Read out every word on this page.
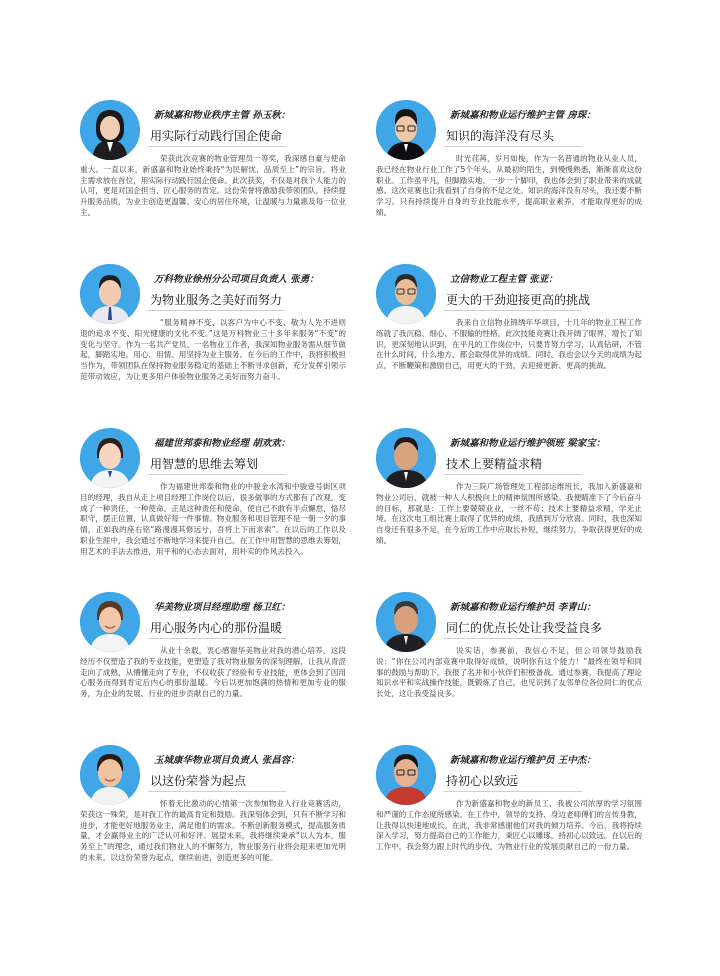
新城嘉和物业秩序主管 孙玉秋：
用实际行动践行国企使命
荣获此次竞赛的物业管理员一等奖，我深感自豪与使命重大。一直以来，新盛嘉和物业始终秉持“为民解忧，品质至上”的宗旨，将业主需求放在首位，用实际行动践行国企使命。此次获奖，不仅是对我个人能力的认可，更是对国企担当、匠心服务的肯定。这份荣誉将激励我带领团队，持续提升服务品质，为业主创造更温馨、安心的居住环境，让温暖与力量惠及每一位业主。
新城嘉和物业运行维护主管 房琛：
知识的海洋没有尽头
时光荏苒，岁月如梭，作为一名普通的物业从业人员，我已经在物业行业工作了5个年头。从最初的陌生，到慢慢熟悉，渐渐喜欢这份职业。工作虽平凡，但脚踏实地、一步一个脚印，我也体会到了职业带来的成就感。这次竞赛也让我看到了自身的不足之处。知识的海洋没有尽头，我还要不断学习。只有持续提升自身的专业技能水平，提高职业素养，才能取得更好的成绩。
万科物业徐州分公司项目负责人 张勇：
为物业服务之美好而努力
“服务精神不变、以客户为中心不变、敬为人先不进则退的追求不变、阳光健康的文化不变。”这是万科物业三十多年来服务“不变”的变化与坚守。作为一名共产党员、一名物业工作者，我深知物业服务需从细节做起，脚踏实地，用心、用情、用坚持为业主服务。在今后的工作中，我将积极担当作为，带领团队在保持物业服务稳定的基础上不断寻求创新，充分发挥引领示范带动效应，为让更多用户体验物业服务之美好而努力奋斗。
立信物业工程主管 张亚：
更大的干劲迎接更高的挑战
我来自立信物业锦绣年华项目，十几年的物业工程工作练就了我沉稳、细心、不服输的性格。此次技能竞赛让我开阔了眼界，增长了知识，更深刻地认识到，在平凡的工作岗位中，只要肯努力学习，认真钻研，不管在什么时间，什么地方，都会取得优异的成绩。同时，我也会以今天的成绩为起点，不断鞭策和激励自己，用更大的干劲，去迎接更新、更高的挑战。
福建世邦泰和物业经理 胡欢欢：
用智慧的思维去筹划
作为福建世邦泰和物业的中骏金水湾和中骏壹号街区项目的经理，我自从走上项目经理工作岗位以后，很多做事的方式都有了改观，变成了一种责任、一种使命。正是这种责任和使命，使自己不敢有半点懈怠，恪尽职守，摆正位置，认真做好每一件事情。物业服务和项目管理不是一朝一夕的事情，正如我的座右铭“路漫漫其修远兮，吾将上下而求索”。在以后的工作以及职业生涯中，我会通过不断地学习来提升自己。在工作中用智慧的思维去筹划，用艺术的手法去推进，用平和的心态去面对，用朴实的作风去投入。
新城嘉和物业运行维护领班 梁家宝：
技术上要精益求精
作为三院广场管理处工程部运维班长，我加入新盛嘉和物业公司后，就被一种人人积极向上的精神氛围所感染。我便瞄准下了今后奋斗的目标，那就是：工作上要兢兢业业，一丝不苟；技术上要精益求精，学无止境。在这次电工组比赛上取得了优异的成绩，我感到万分欣喜。同时，我也深知自身还有很多不足，在今后的工作中应取长补短，继续努力，争取获得更好的成绩。
华美物业项目经理助理 杨卫红：
用心服务内心的那份温暖
从业十余载，衷心感谢华美物业对我的潜心培养，这段经历不仅塑造了我的专业技能，更塑造了我对物业服务的深刻理解，让我从青涩走向了成熟，从懵懂走向了专业，不仅收获了经验和专业技能，更体会到了因用心服务而得到肯定后内心的那份温暖。今后以更加饱满的热情和更加专业的服务，为企业的发展、行业的进步贡献自己的力量。
新城嘉和物业运行维护员 李青山：
同仁的优点长处让我受益良多
说实话，参赛前，我信心不足，但公司领导鼓励我说：“你在公司内部竞赛中取得好成绩，说明你有这个能力！”最终在领导和同事的鼓励与帮助下，我报了名并和小伙伴们积极备战。通过参赛，我提高了理论知识水平和实战操作技能，既锻炼了自己，也见识到了友邻单位各位同仁的优点长处，这让我受益良多。
玉城康华物业项目负责人 张昌容：
以这份荣誉为起点
怀着无比激动的心情第一次参加物业人行业竞赛活动，荣获这一殊荣，是对我工作的最高肯定和鼓励。我深刻体会到，只有不断学习和进步，才能更好地服务业主，满足他们的需求。不断创新服务模式，提高服务质量，才会赢得业主的广泛认可和好评。展望未来，我将继续秉承“以人为本，服务至上”的理念，通过我们物业人的不懈努力，物业服务行业将会迎来更加光明的未来。以这份荣誉为起点，继续前进，创造更多的可能。
新城嘉和物业运行维护员 王中杰：
持初心以致远
作为新盛嘉和物业的新员工，我被公司浓厚的学习氛围和严谨的工作态度所感染。在工作中，领导的支持、身边老师傅们的言传身教，让我得以快速地成长。在此，我非常感谢他们对我的倾力培养。今后，我将持续深入学习，努力提高自己的工作能力，秉匠心以雕琢，持初心以致远。在以后的工作中，我会努力跟上时代的步伐，为物业行业的发展贡献自己的一份力量。
